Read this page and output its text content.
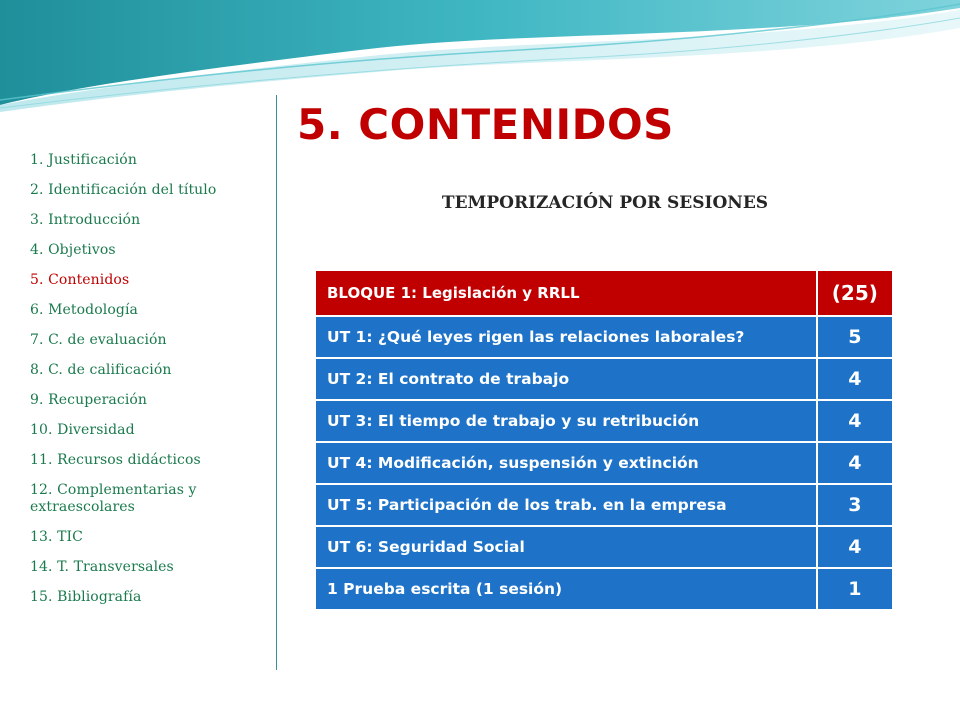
1. Justificación
2. Identificación del título
3. Introducción
4. Objetivos
5. Contenidos
6. Metodología
7. C. de evaluación
8. C. de calificación
9. Recuperación
10. Diversidad
11. Recursos didácticos
12. Complementarias y extraescolares
13. TIC
14. T. Transversales
15. Bibliografía
5. CONTENIDOS
TEMPORIZACIÓN POR SESIONES
BLOQUE 1: Legislación y RRLL	(25)
UT 1: ¿Qué leyes rigen las relaciones laborales?	5
UT 2: El contrato de trabajo	4
UT 3: El tiempo de trabajo y su retribución	4
UT 4: Modificación, suspensión y extinción	4
UT 5: Participación de los trab. en la empresa	3
UT 6: Seguridad Social	4
1 Prueba escrita (1 sesión)	1
